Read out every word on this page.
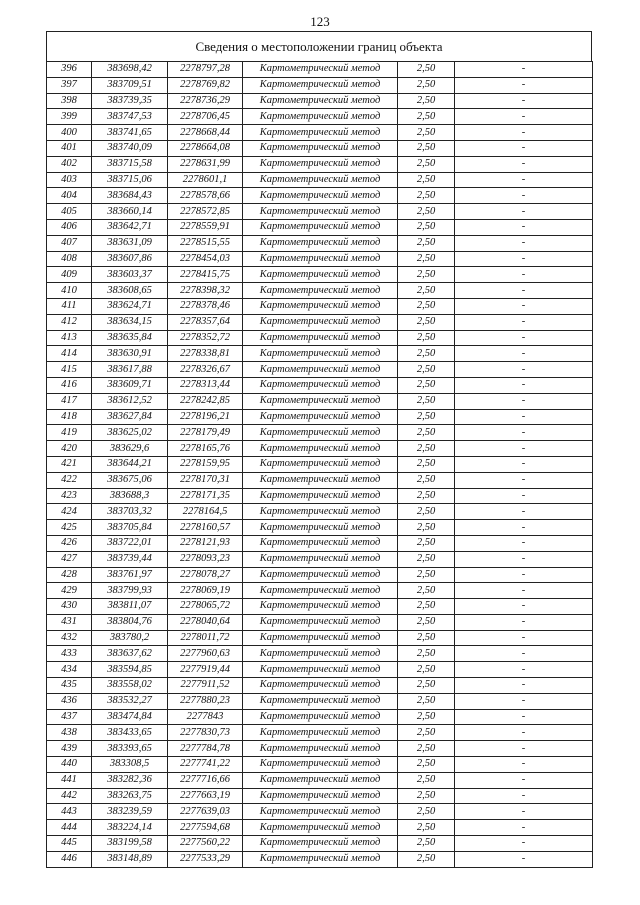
123
Сведения о местоположении границ объекта
396	383698,42	2278797,28	Картометрический метод	2,50	-
397	383709,51	2278769,82	Картометрический метод	2,50	-
398	383739,35	2278736,29	Картометрический метод	2,50	-
399	383747,53	2278706,45	Картометрический метод	2,50	-
400	383741,65	2278668,44	Картометрический метод	2,50	-
401	383740,09	2278664,08	Картометрический метод	2,50	-
402	383715,58	2278631,99	Картометрический метод	2,50	-
403	383715,06	2278601,1	Картометрический метод	2,50	-
404	383684,43	2278578,66	Картометрический метод	2,50	-
405	383660,14	2278572,85	Картометрический метод	2,50	-
406	383642,71	2278559,91	Картометрический метод	2,50	-
407	383631,09	2278515,55	Картометрический метод	2,50	-
408	383607,86	2278454,03	Картометрический метод	2,50	-
409	383603,37	2278415,75	Картометрический метод	2,50	-
410	383608,65	2278398,32	Картометрический метод	2,50	-
411	383624,71	2278378,46	Картометрический метод	2,50	-
412	383634,15	2278357,64	Картометрический метод	2,50	-
413	383635,84	2278352,72	Картометрический метод	2,50	-
414	383630,91	2278338,81	Картометрический метод	2,50	-
415	383617,88	2278326,67	Картометрический метод	2,50	-
416	383609,71	2278313,44	Картометрический метод	2,50	-
417	383612,52	2278242,85	Картометрический метод	2,50	-
418	383627,84	2278196,21	Картометрический метод	2,50	-
419	383625,02	2278179,49	Картометрический метод	2,50	-
420	383629,6	2278165,76	Картометрический метод	2,50	-
421	383644,21	2278159,95	Картометрический метод	2,50	-
422	383675,06	2278170,31	Картометрический метод	2,50	-
423	383688,3	2278171,35	Картометрический метод	2,50	-
424	383703,32	2278164,5	Картометрический метод	2,50	-
425	383705,84	2278160,57	Картометрический метод	2,50	-
426	383722,01	2278121,93	Картометрический метод	2,50	-
427	383739,44	2278093,23	Картометрический метод	2,50	-
428	383761,97	2278078,27	Картометрический метод	2,50	-
429	383799,93	2278069,19	Картометрический метод	2,50	-
430	383811,07	2278065,72	Картометрический метод	2,50	-
431	383804,76	2278040,64	Картометрический метод	2,50	-
432	383780,2	2278011,72	Картометрический метод	2,50	-
433	383637,62	2277960,63	Картометрический метод	2,50	-
434	383594,85	2277919,44	Картометрический метод	2,50	-
435	383558,02	2277911,52	Картометрический метод	2,50	-
436	383532,27	2277880,23	Картометрический метод	2,50	-
437	383474,84	2277843	Картометрический метод	2,50	-
438	383433,65	2277830,73	Картометрический метод	2,50	-
439	383393,65	2277784,78	Картометрический метод	2,50	-
440	383308,5	2277741,22	Картометрический метод	2,50	-
441	383282,36	2277716,66	Картометрический метод	2,50	-
442	383263,75	2277663,19	Картометрический метод	2,50	-
443	383239,59	2277639,03	Картометрический метод	2,50	-
444	383224,14	2277594,68	Картометрический метод	2,50	-
445	383199,58	2277560,22	Картометрический метод	2,50	-
446	383148,89	2277533,29	Картометрический метод	2,50	-
